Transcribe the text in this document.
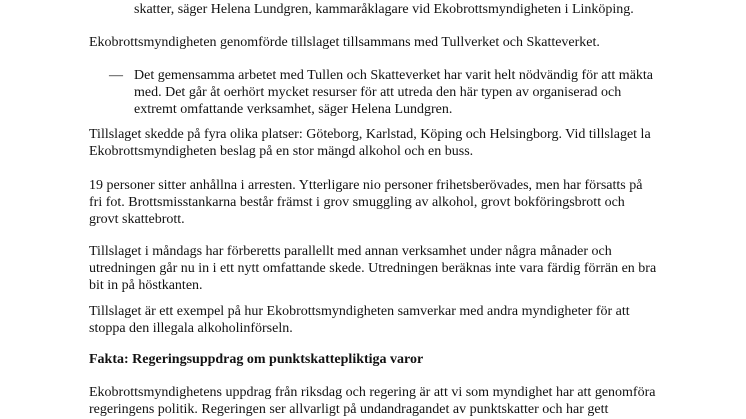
skatter, säger Helena Lundgren, kammaråklagare vid Ekobrottsmyndigheten i Linköping.
Ekobrottsmyndigheten genomförde tillslaget tillsammans med Tullverket och Skatteverket.
— Det gemensamma arbetet med Tullen och Skatteverket har varit helt nödvändig för att mäkta
med. Det går åt oerhört mycket resurser för att utreda den här typen av organiserad och
extremt omfattande verksamhet, säger Helena Lundgren.
Tillslaget skedde på fyra olika platser: Göteborg, Karlstad, Köping och Helsingborg. Vid tillslaget la
Ekobrottsmyndigheten beslag på en stor mängd alkohol och en buss.
19 personer sitter anhållna i arresten. Ytterligare nio personer frihetsberövades, men har försatts på
fri fot. Brottsmisstankarna består främst i grov smuggling av alkohol, grovt bokföringsbrott och
grovt skattebrott.
Tillslaget i måndags har förberetts parallellt med annan verksamhet under några månader och
utredningen går nu in i ett nytt omfattande skede. Utredningen beräknas inte vara färdig förrän en bra
bit in på höstkanten.
Tillslaget är ett exempel på hur Ekobrottsmyndigheten samverkar med andra myndigheter för att
stoppa den illegala alkoholinförseln.
Fakta: Regeringsuppdrag om punktskattepliktiga varor
Ekobrottsmyndighetens uppdrag från riksdag och regering är att vi som myndighet har att genomföra
regeringens politik. Regeringen ser allvarligt på undandragandet av punktskatter och har gett
